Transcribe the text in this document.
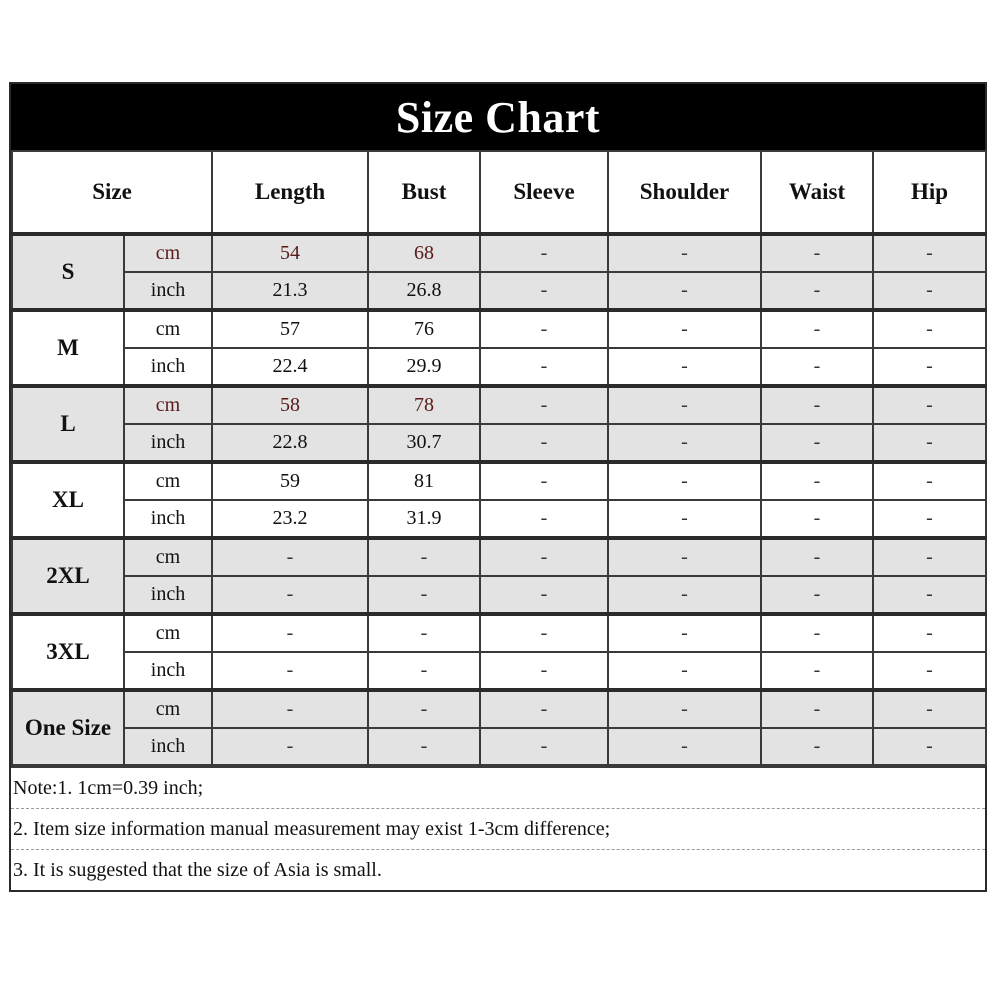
Size Chart
Size		Length	Bust	Sleeve	Shoulder	Waist	Hip
S	cm	54	68	-	-	-	-
	inch	21.3	26.8	-	-	-	-
M	cm	57	76	-	-	-	-
	inch	22.4	29.9	-	-	-	-
L	cm	58	78	-	-	-	-
	inch	22.8	30.7	-	-	-	-
XL	cm	59	81	-	-	-	-
	inch	23.2	31.9	-	-	-	-
2XL	cm	-	-	-	-	-	-
	inch	-	-	-	-	-	-
3XL	cm	-	-	-	-	-	-
	inch	-	-	-	-	-	-
One Size	cm	-	-	-	-	-	-
	inch	-	-	-	-	-	-
Note:1. 1cm=0.39 inch;
2. Item size information manual measurement may exist 1-3cm difference;
3. It is suggested that the size of Asia is small.
